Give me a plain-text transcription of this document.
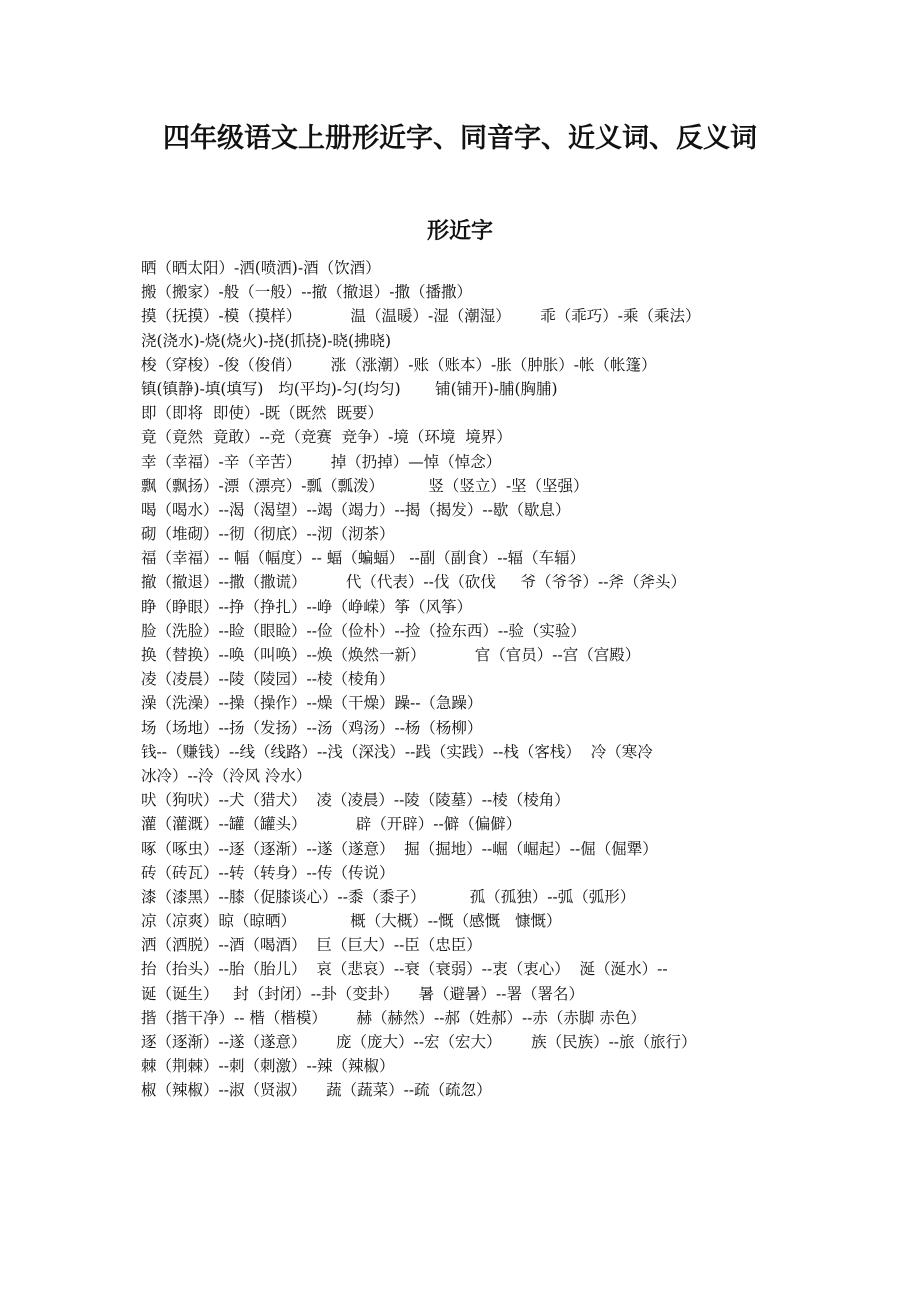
四年级语文上册形近字、同音字、近义词、反义词
形近字
晒（晒太阳）-洒(喷洒)-酒（饮酒）
搬（搬家）-般（一般）--撤（撤退）-撒（播撒）
摸（抚摸）-模（摸样）          温（温暖）-湿（潮湿）      乖（乖巧）-乘（乘法）
浇(浇水)-烧(烧火)-挠(抓挠)-晓(拂晓)
梭（穿梭）-俊（俊俏）      涨（涨潮）-账（账本）-胀（肿胀）-帐（帐篷）
镇(镇静)-填(填写)   均(平均)-匀(均匀)       铺(铺开)-脯(胸脯)
即（即将  即使）-既（既然  既要）
竟（竟然  竟敢）--竞（竞赛  竞争）-境（环境  境界）
幸（幸福）-辛（辛苦）      掉（扔掉）—悼（悼念）
飘（飘扬）-漂（漂亮）-瓢（瓢泼）         竖（竖立）-坚（坚强）
喝（喝水）--渴（渴望）--竭（竭力）--揭（揭发）--歇（歇息）
砌（堆砌）--彻（彻底）--沏（沏茶）
福（幸福）-- 幅（幅度）-- 蝠（蝙蝠） --副（副食）--辐（车辐）
撤（撤退）--撒（撒谎）        代（代表）--伐（砍伐     爷（爷爷）--斧（斧头）
睁（睁眼）--挣（挣扎）--峥（峥嵘）筝（风筝）
脸（洗脸）--睑（眼睑）--俭（俭朴）--捡（捡东西）--验（实验）
换（替换）--唤（叫唤）--焕（焕然一新）          官（官员）--宫（宫殿）
凌（凌晨）--陵（陵园）--棱（棱角）
澡（洗澡）--操（操作）--燥（干燥）躁--（急躁）
场（场地）--扬（发扬）--汤（鸡汤）--杨（杨柳）
钱--（赚钱）--线（线路）--浅（深浅）--践（实践）--栈（客栈）  冷（寒冷
冰冷）--泠（泠风 泠水）
吠（狗吠）--犬（猎犬）  凌（凌晨）--陵（陵墓）--棱（棱角）
灌（灌溉）--罐（罐头）          辟（开辟）--僻（偏僻）
啄（啄虫）--逐（逐渐）--遂（遂意）  掘（掘地）--崛（崛起）--倔（倔犟）
砖（砖瓦）--转（转身）--传（传说）
漆（漆黑）--膝（促膝谈心）--黍（黍子）         孤（孤独）--弧（弧形）
凉（凉爽）晾（晾晒）           概（大概）--慨（感慨   慷慨）
洒（洒脱）--酒（喝酒）  巨（巨大）--臣（忠臣）
抬（抬头）--胎（胎儿）  哀（悲哀）--衰（衰弱）--衷（衷心）  涎（涎水）--
诞（诞生）   封（封闭）--卦（变卦）    暑（避暑）--署（署名）
揩（揩干净）-- 楷（楷模）      赫（赫然）--郝（姓郝）--赤（赤脚 赤色）
逐（逐渐）--遂（遂意）      庞（庞大）--宏（宏大）      族（民族）--旅（旅行）
棘（荆棘）--刺（刺激）--辣（辣椒）
椒（辣椒）--淑（贤淑）    蔬（蔬菜）--疏（疏忽）
